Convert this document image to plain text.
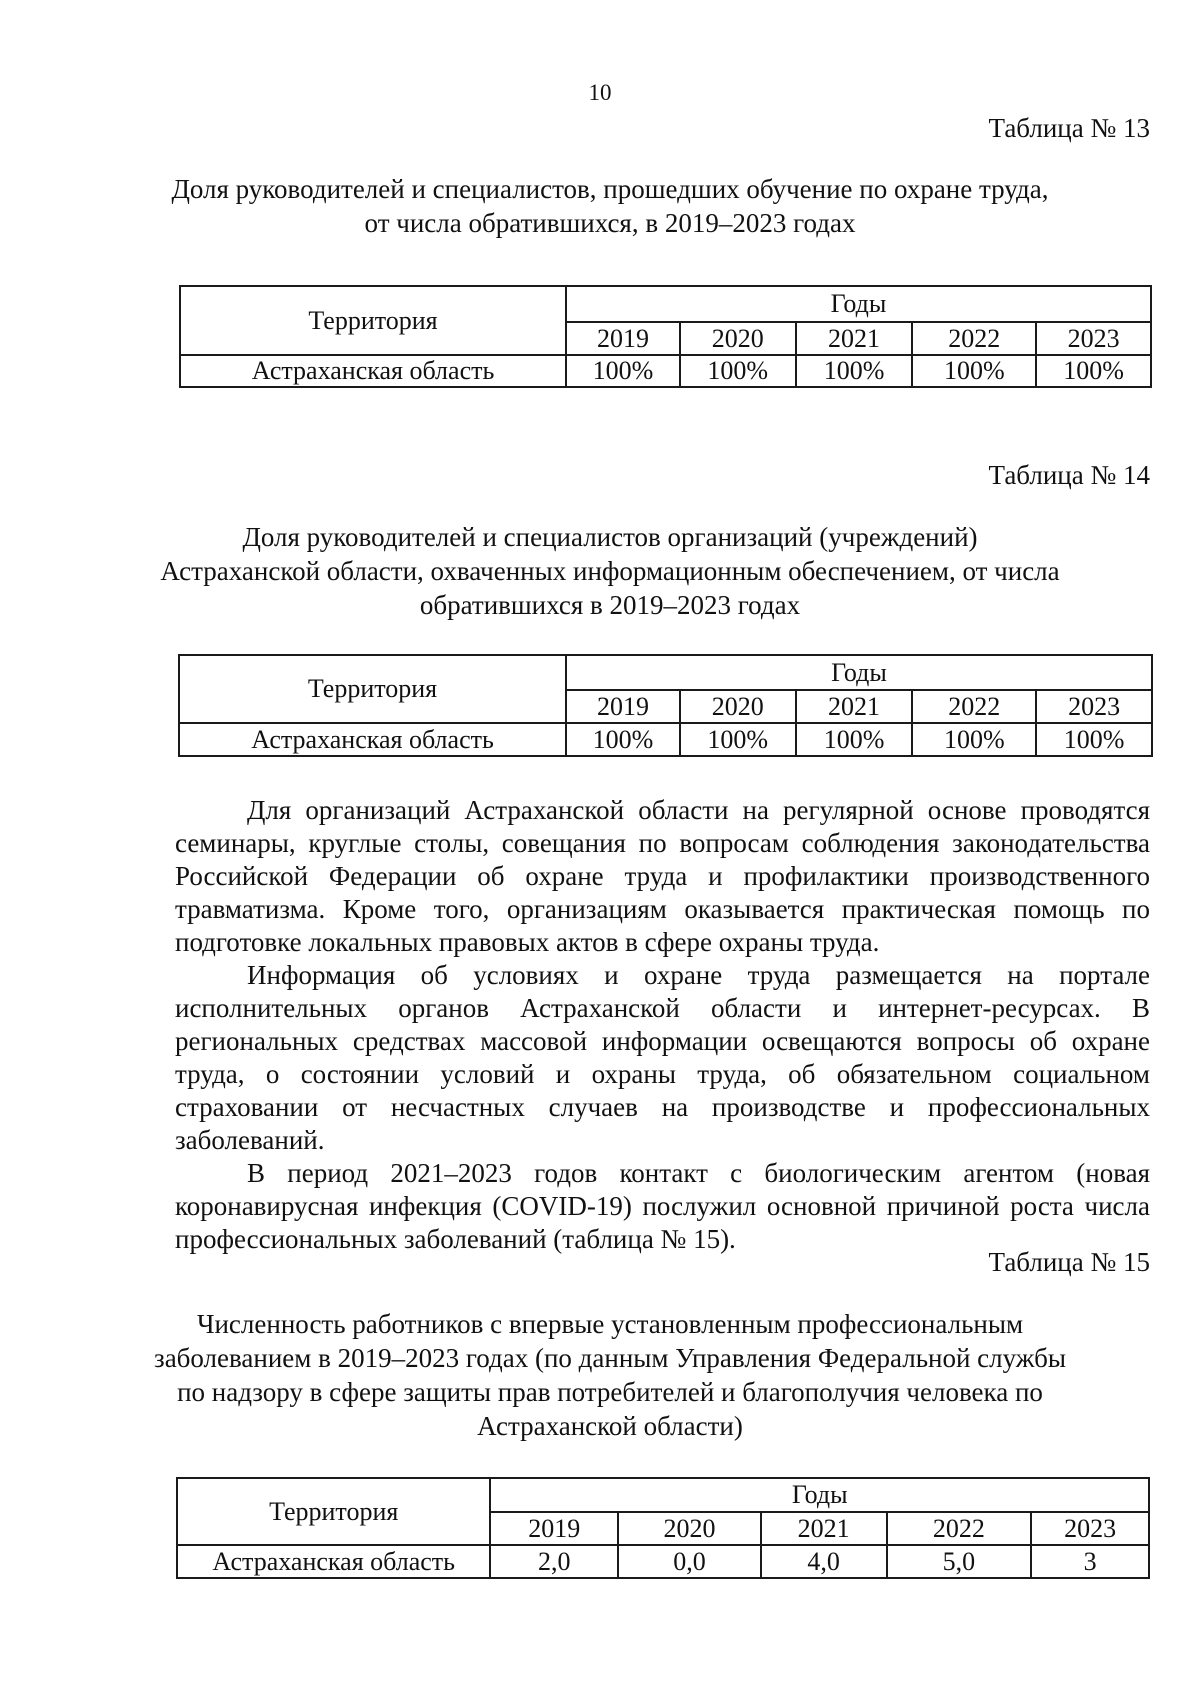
10
Таблица № 13
Доля руководителей и специалистов, прошедших обучение по охране труда,
от числа обратившихся, в 2019–2023 годах
Территория	Годы				
	2019	2020	2021	2022	2023
Астраханская область	100%	100%	100%	100%	100%
Таблица № 14
Доля руководителей и специалистов организаций (учреждений)
Астраханской области, охваченных информационным обеспечением, от числа
обратившихся в 2019–2023 годах
Территория	Годы				
	2019	2020	2021	2022	2023
Астраханская область	100%	100%	100%	100%	100%

Для организаций Астраханской области на регулярной основе проводятся семинары, круглые столы, совещания по вопросам соблюдения законодательства Российской Федерации об охране труда и профилактики производственного травматизма. Кроме того, организациям оказывается практическая помощь по подготовке локальных правовых актов в сфере охраны труда.

Информация об условиях и охране труда размещается на портале исполнительных органов Астраханской области и интернет-ресурсах. В региональных средствах массовой информации освещаются вопросы об охране труда, о состоянии условий и охраны труда, об обязательном социальном страховании от несчастных случаев на производстве и профессиональных заболеваний.

В период 2021–2023 годов контакт с биологическим агентом (новая коронавирусная инфекция (COVID-19) послужил основной причиной роста числа профессиональных заболеваний (таблица № 15).

Таблица № 15
Численность работников с впервые установленным профессиональным
заболеванием в 2019–2023 годах (по данным Управления Федеральной службы
по надзору в сфере защиты прав потребителей и благополучия человека по
Астраханской области)
Территория	Годы				
	2019	2020	2021	2022	2023
Астраханская область	2,0	0,0	4,0	5,0	3
